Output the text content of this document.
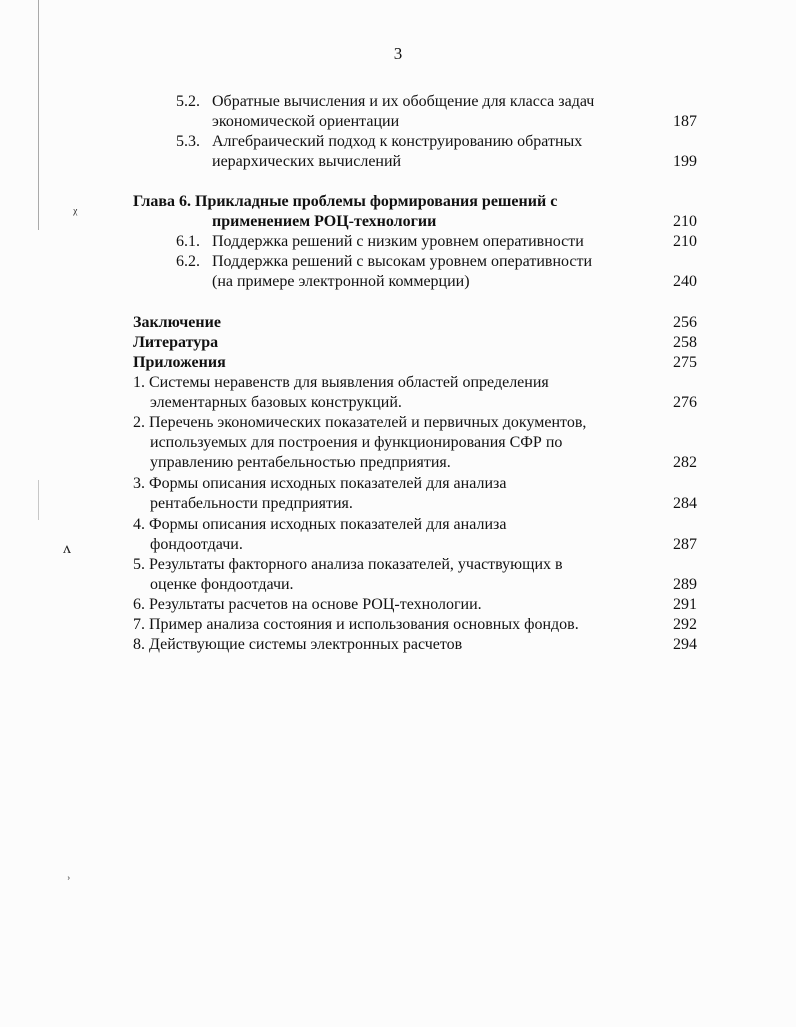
ᵡ
ᴧ
ʾ
3
5.2. Обратные вычисления и их обобщение для класса задач
экономической ориентации	187
5.3. Алгебраический подход к конструированию обратных
иерархических вычислений	199
Глава 6. Прикладные проблемы формирования решений с
применением РОЦ-технологии	210
6.1. Поддержка решений с низким уровнем оперативности	210
6.2. Поддержка решений с высокам уровнем оперативности
(на примере электронной коммерции)	240
Заключение	256
Литература	258
Приложения	275
1. Системы неравенств для выявления областей определения
элементарных базовых конструкций.	276
2. Перечень экономических показателей и первичных документов,
используемых для построения и функционирования СФР по
управлению рентабельностью предприятия.	282
3. Формы описания исходных показателей для анализа
рентабельности предприятия.	284
4. Формы описания исходных показателей для анализа
фондоотдачи.	287
5. Результаты факторного анализа показателей, участвующих в
оценке фондоотдачи.	289
6. Результаты расчетов на основе РОЦ-технологии.	291
7. Пример анализа состояния и использования основных фондов.	292
8. Действующие системы электронных расчетов	294
